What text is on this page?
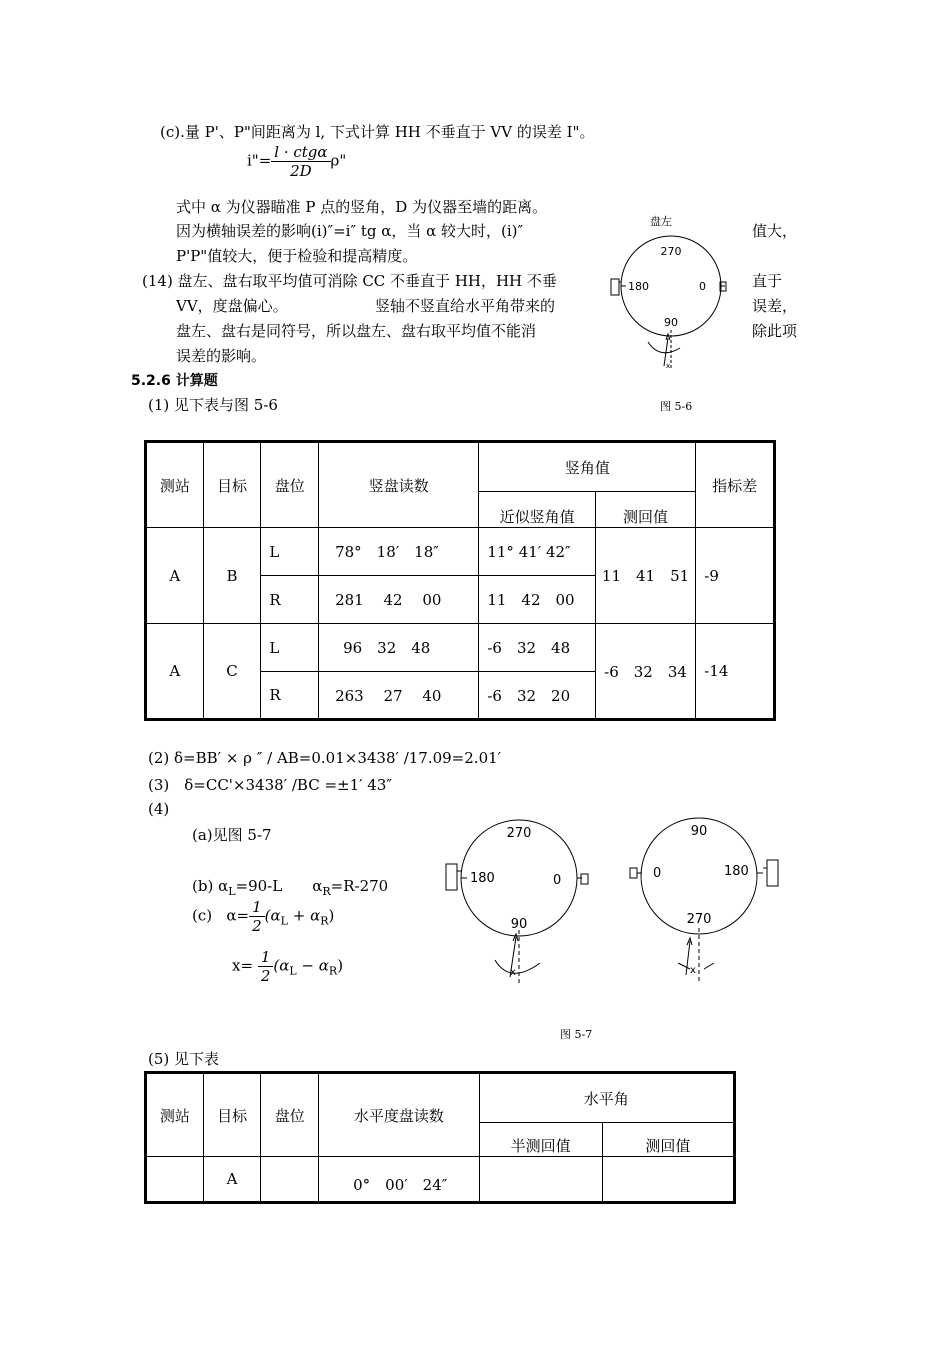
(c).量 P'、P"间距离为 l, 下式计算 HH 不垂直于 VV 的误差 I"。
i"= $\frac{\text{l · ctgα}}{2D} \rho$"
式中 α 为仪器瞄准 P 点的竖角，D 为仪器至墙的距离。
因为横轴误差的影响(i)″=i″ tg α，当 α 较大时，(i)″	值大，
P'P"值较大，便于检验和提高精度。
(14) 盘左、盘右取平均值可消除 CC 不垂直于 HH，HH 不垂	直于
VV，度盘偏心。	竖轴不竖直给水平角带来的	误差，
盘左、盘右是同符号，所以盘左、盘右取平均值不能消	除此项
误差的影响。
盘左
270
180	0
90
x
图 5-6
5.2.6 计算题
(1) 见下表与图 5-6
测站	目标	盘位	竖盘读数	竖角值		指标差
				近似竖角值	测回值	
A	B	L	78°　18′　18″	11° 41′ 42″	11　41　51	-9
		R	281　 42　 00	11　42　00		
A	C	L	96　32　48	-6　32　48	-6　32　34	-14
		R	263　 27　 40	-6　32　20		
(2) δ=BB′ × ρ ″ / AB=0.01×3438′ /17.09=2.01′
(3)　δ=CC'×3438′ /BC =±1′ 43″
(4)
(a)见图 5-7
(b) $\alpha_L=90-L$　　$\alpha_R=R-270$
(c) $\alpha= \frac{1}{2} (\alpha_L + \alpha_R)$
$x= \frac{1}{2} (\alpha_L - \alpha_R)$
270
180	0
90
x
90
0	180
270
x
图 5-7
(5) 见下表
测站	目标	盘位	水平度盘读数	水平角	
				半测回值	测回值
	A		0°　00′　24″		
